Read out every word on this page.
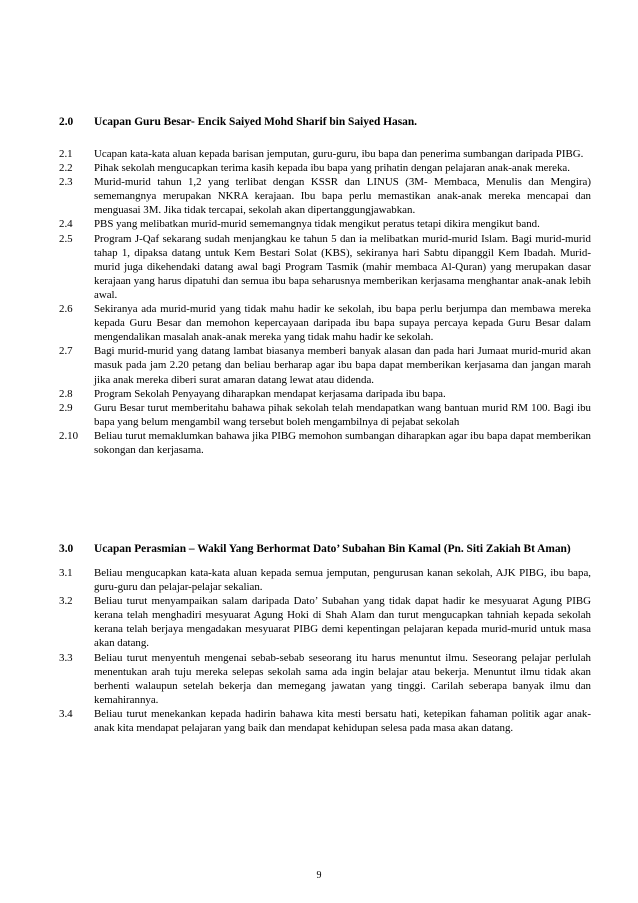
2.0	Ucapan Guru Besar- Encik Saiyed Mohd Sharif bin Saiyed Hasan.
2.1	Ucapan kata-kata aluan kepada barisan jemputan, guru-guru, ibu bapa dan penerima sumbangan daripada PIBG.
2.2	Pihak sekolah mengucapkan terima kasih kepada ibu bapa yang prihatin dengan pelajaran anak-anak mereka.
2.3	Murid-murid tahun 1,2 yang terlibat dengan KSSR dan LINUS (3M- Membaca, Menulis dan Mengira) sememangnya merupakan NKRA kerajaan. Ibu bapa perlu memastikan anak-anak mereka mencapai dan menguasai 3M. Jika tidak tercapai, sekolah akan dipertanggungjawabkan.
2.4	PBS yang melibatkan murid-murid sememangnya tidak mengikut peratus tetapi dikira mengikut band.
2.5	Program J-Qaf sekarang sudah menjangkau ke tahun 5 dan ia melibatkan murid-murid Islam. Bagi murid-murid tahap 1, dipaksa datang untuk Kem Bestari Solat (KBS), sekiranya hari Sabtu dipanggil Kem Ibadah. Murid-murid juga dikehendaki datang awal bagi Program Tasmik (mahir membaca Al-Quran) yang merupakan dasar kerajaan yang harus dipatuhi dan semua ibu bapa seharusnya memberikan kerjasama menghantar anak-anak lebih awal.
2.6	Sekiranya ada murid-murid yang tidak mahu hadir ke sekolah, ibu bapa perlu berjumpa dan membawa mereka kepada Guru Besar dan memohon kepercayaan daripada ibu bapa supaya percaya kepada Guru Besar dalam mengendalikan masalah anak-anak mereka yang tidak mahu hadir ke sekolah.
2.7	Bagi murid-murid yang datang lambat biasanya memberi banyak alasan dan pada hari Jumaat murid-murid akan masuk pada jam 2.20 petang dan beliau berharap agar ibu bapa dapat memberikan kerjasama dan jangan marah jika anak mereka diberi surat amaran datang lewat atau didenda.
2.8	Program Sekolah Penyayang diharapkan mendapat kerjasama daripada ibu bapa.
2.9	Guru Besar turut memberitahu bahawa pihak sekolah telah mendapatkan wang bantuan murid RM 100. Bagi ibu bapa yang belum mengambil wang tersebut boleh mengambilnya di pejabat sekolah
2.10	Beliau turut memaklumkan bahawa jika PIBG memohon sumbangan diharapkan agar ibu bapa dapat memberikan sokongan dan kerjasama.
3.0	Ucapan Perasmian – Wakil Yang Berhormat Dato’ Subahan Bin Kamal (Pn. Siti Zakiah Bt Aman)
3.1	Beliau mengucapkan kata-kata aluan kepada semua jemputan, pengurusan kanan sekolah, AJK PIBG, ibu bapa, guru-guru dan pelajar-pelajar sekalian.
3.2	Beliau turut menyampaikan salam daripada Dato’ Subahan yang tidak dapat hadir ke mesyuarat Agung PIBG kerana telah menghadiri mesyuarat Agung Hoki di Shah Alam dan turut mengucapkan tahniah kepada sekolah kerana telah berjaya mengadakan mesyuarat PIBG demi kepentingan pelajaran kepada murid-murid untuk masa akan datang.
3.3	Beliau turut menyentuh mengenai sebab-sebab seseorang itu harus menuntut ilmu. Seseorang pelajar perlulah menentukan arah tuju mereka selepas sekolah sama ada ingin belajar atau bekerja. Menuntut ilmu tidak akan berhenti walaupun setelah bekerja dan memegang jawatan yang tinggi. Carilah seberapa banyak ilmu dan kemahirannya.
3.4	Beliau turut menekankan kepada hadirin bahawa kita mesti bersatu hati, ketepikan fahaman politik agar anak-anak kita mendapat pelajaran yang baik dan mendapat kehidupan selesa pada masa akan datang.
9
